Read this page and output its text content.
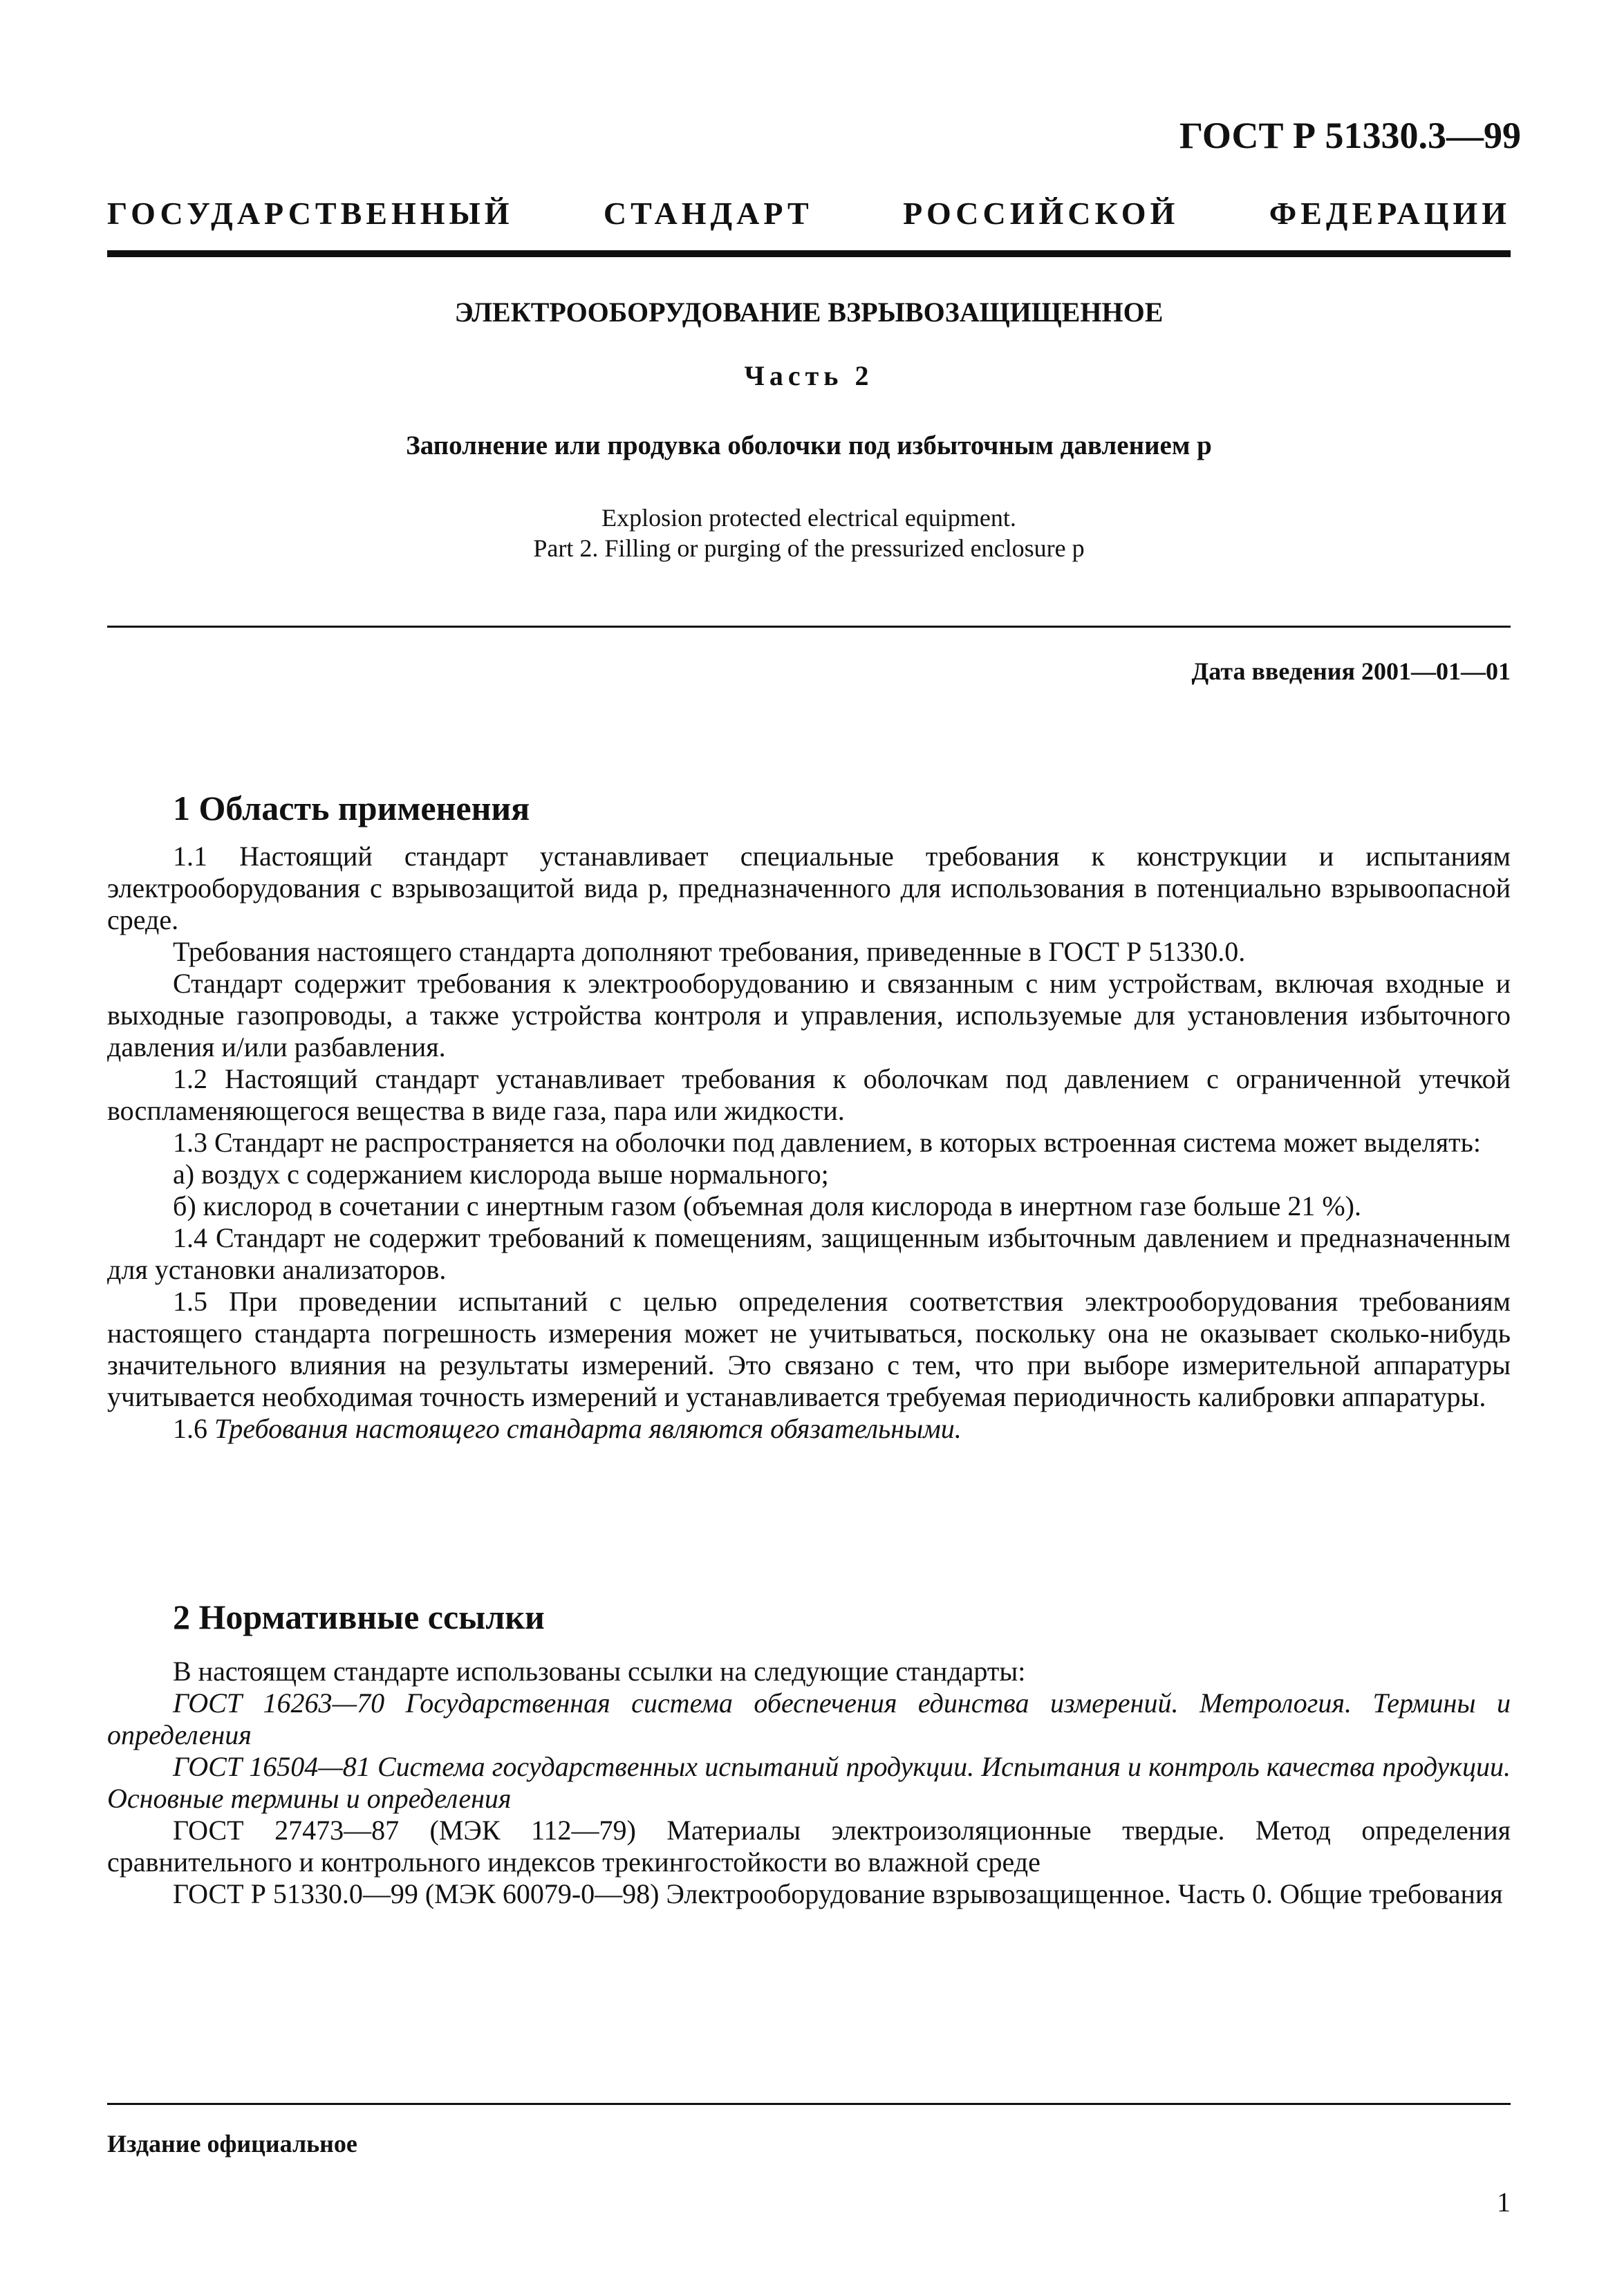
ГОСТ Р 51330.3—99
ГОСУДАРСТВЕННЫЙ СТАНДАРТ РОССИЙСКОЙ ФЕДЕРАЦИИ
ЭЛЕКТРООБОРУДОВАНИЕ ВЗРЫВОЗАЩИЩЕННОЕ
Часть 2
Заполнение или продувка оболочки под избыточным давлением p
Explosion protected electrical equipment.
Part 2. Filling or purging of the pressurized enclosure p
Дата введения 2001—01—01
1 Область применения

1.1 Настоящий стандарт устанавливает специальные требования к конструкции и испытаниям электрооборудования с взрывозащитой вида p, предназначенного для использования в потенциально взрывоопасной среде.

Требования настоящего стандарта дополняют требования, приведенные в ГОСТ Р 51330.0.

Стандарт содержит требования к электрооборудованию и связанным с ним устройствам, включая входные и выходные газопроводы, а также устройства контроля и управления, используемые для установления избыточного давления и/или разбавления.

1.2 Настоящий стандарт устанавливает требования к оболочкам под давлением с ограниченной утечкой воспламеняющегося вещества в виде газа, пара или жидкости.

1.3 Стандарт не распространяется на оболочки под давлением, в которых встроенная система может выделять:

а) воздух с содержанием кислорода выше нормального;

б) кислород в сочетании с инертным газом (объемная доля кислорода в инертном газе больше 21 %).

1.4 Стандарт не содержит требований к помещениям, защищенным избыточным давлением и предназначенным для установки анализаторов.

1.5 При проведении испытаний с целью определения соответствия электрооборудования требованиям настоящего стандарта погрешность измерения может не учитываться, поскольку она не оказывает сколько-нибудь значительного влияния на результаты измерений. Это связано с тем, что при выборе измерительной аппаратуры учитывается необходимая точность измерений и устанавливается требуемая периодичность калибровки аппаратуры.

1.6 Требования настоящего стандарта являются обязательными.

2 Нормативные ссылки

В настоящем стандарте использованы ссылки на следующие стандарты:

ГОСТ 16263—70 Государственная система обеспечения единства измерений. Метрология. Термины и определения

ГОСТ 16504—81 Система государственных испытаний продукции. Испытания и контроль качества продукции. Основные термины и определения

ГОСТ 27473—87 (МЭК 112—79) Материалы электроизоляционные твердые. Метод определения сравнительного и контрольного индексов трекингостойкости во влажной среде

ГОСТ Р 51330.0—99 (МЭК 60079-0—98) Электрооборудование взрывозащищенное. Часть 0. Общие требования

Издание официальное
1
